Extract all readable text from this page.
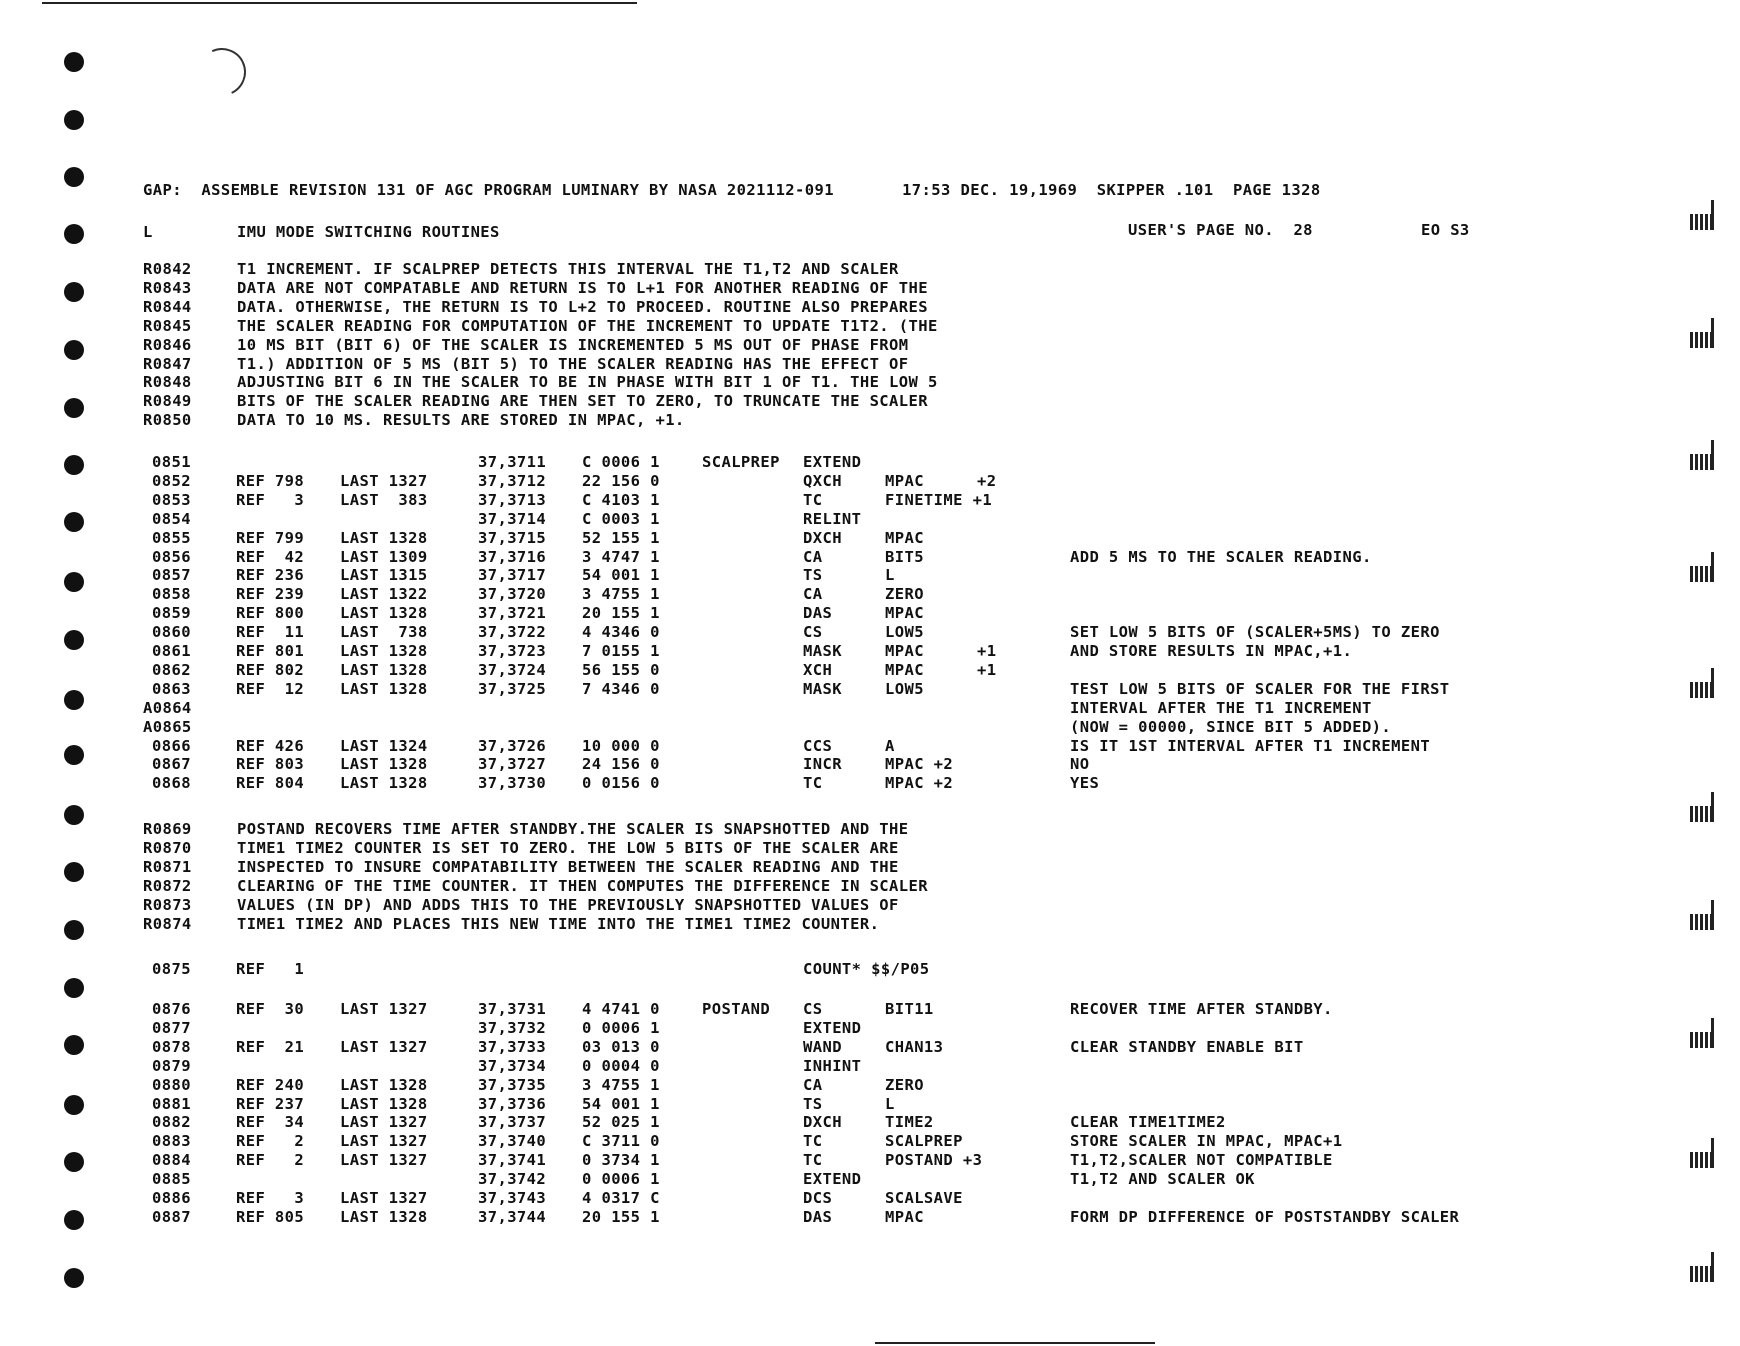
GAP:  ASSEMBLE REVISION 131 OF AGC PROGRAM LUMINARY BY NASA 2021112-091       17:53 DEC. 19,1969  SKIPPER .101  PAGE 1328
L	IMU MODE SWITCHING ROUTINES	USER'S PAGE NO.  28	EO S3
R0842	T1 INCREMENT. IF SCALPREP DETECTS THIS INTERVAL THE T1,T2 AND SCALER
R0843	DATA ARE NOT COMPATABLE AND RETURN IS TO L+1 FOR ANOTHER READING OF THE
R0844	DATA. OTHERWISE, THE RETURN IS TO L+2 TO PROCEED. ROUTINE ALSO PREPARES
R0845	THE SCALER READING FOR COMPUTATION OF THE INCREMENT TO UPDATE T1T2. (THE
R0846	10 MS BIT (BIT 6) OF THE SCALER IS INCREMENTED 5 MS OUT OF PHASE FROM
R0847	T1.) ADDITION OF 5 MS (BIT 5) TO THE SCALER READING HAS THE EFFECT OF
R0848	ADJUSTING BIT 6 IN THE SCALER TO BE IN PHASE WITH BIT 1 OF T1. THE LOW 5
R0849	BITS OF THE SCALER READING ARE THEN SET TO ZERO, TO TRUNCATE THE SCALER
R0850	DATA TO 10 MS. RESULTS ARE STORED IN MPAC, +1.
0851	37,3711 C 0006 1	SCALPREP EXTEND
0852	REF 798 LAST 1327	37,3712 22 156 0	QXCH	MPAC	+2
0853	REF   3 LAST  383	37,3713 C 4103 1	TC	FINETIME +1
0854	37,3714 C 0003 1	RELINT
0855	REF 799 LAST 1328	37,3715 52 155 1	DXCH	MPAC
0856	REF  42 LAST 1309	37,3716 3 4747 1	CA	BIT5	ADD 5 MS TO THE SCALER READING.
0857	REF 236 LAST 1315	37,3717 54 001 1	TS	L
0858	REF 239 LAST 1322	37,3720 3 4755 1	CA	ZERO
0859	REF 800 LAST 1328	37,3721 20 155 1	DAS	MPAC
0860	REF  11 LAST  738	37,3722 4 4346 0	CS	LOW5	SET LOW 5 BITS OF (SCALER+5MS) TO ZERO
0861	REF 801 LAST 1328	37,3723 7 0155 1	MASK	MPAC	+1	AND STORE RESULTS IN MPAC,+1.
0862	REF 802 LAST 1328	37,3724 56 155 0	XCH	MPAC	+1
0863	REF  12 LAST 1328	37,3725 7 4346 0	MASK	LOW5	TEST LOW 5 BITS OF SCALER FOR THE FIRST
A0864	INTERVAL AFTER THE T1 INCREMENT
A0865	(NOW = 00000, SINCE BIT 5 ADDED).
0866	REF 426 LAST 1324	37,3726 10 000 0	CCS	A	IS IT 1ST INTERVAL AFTER T1 INCREMENT
0867	REF 803 LAST 1328	37,3727 24 156 0	INCR	MPAC +2	NO
0868	REF 804 LAST 1328	37,3730 0 0156 0	TC	MPAC +2	YES
R0869	POSTAND RECOVERS TIME AFTER STANDBY.THE SCALER IS SNAPSHOTTED AND THE
R0870	TIME1 TIME2 COUNTER IS SET TO ZERO. THE LOW 5 BITS OF THE SCALER ARE
R0871	INSPECTED TO INSURE COMPATABILITY BETWEEN THE SCALER READING AND THE
R0872	CLEARING OF THE TIME COUNTER. IT THEN COMPUTES THE DIFFERENCE IN SCALER
R0873	VALUES (IN DP) AND ADDS THIS TO THE PREVIOUSLY SNAPSHOTTED VALUES OF
R0874	TIME1 TIME2 AND PLACES THIS NEW TIME INTO THE TIME1 TIME2 COUNTER.
0875	REF   1	COUNT* $$/P05
0876	REF  30 LAST 1327	37,3731 4 4741 0	POSTAND CS	BIT11	RECOVER TIME AFTER STANDBY.
0877	37,3732 0 0006 1	EXTEND
0878	REF  21 LAST 1327	37,3733 03 013 0	WAND	CHAN13	CLEAR STANDBY ENABLE BIT
0879	37,3734 0 0004 0	INHINT
0880	REF 240 LAST 1328	37,3735 3 4755 1	CA	ZERO
0881	REF 237 LAST 1328	37,3736 54 001 1	TS	L
0882	REF  34 LAST 1327	37,3737 52 025 1	DXCH	TIME2	CLEAR TIME1TIME2
0883	REF   2 LAST 1327	37,3740 C 3711 0	TC	SCALPREP	STORE SCALER IN MPAC, MPAC+1
0884	REF   2 LAST 1327	37,3741 0 3734 1	TC	POSTAND +3	T1,T2,SCALER NOT COMPATIBLE
0885	37,3742 0 0006 1	EXTEND	T1,T2 AND SCALER OK
0886	REF   3 LAST 1327	37,3743 4 0317 C	DCS	SCALSAVE
0887	REF 805 LAST 1328	37,3744 20 155 1	DAS	MPAC	FORM DP DIFFERENCE OF POSTSTANDBY SCALER
